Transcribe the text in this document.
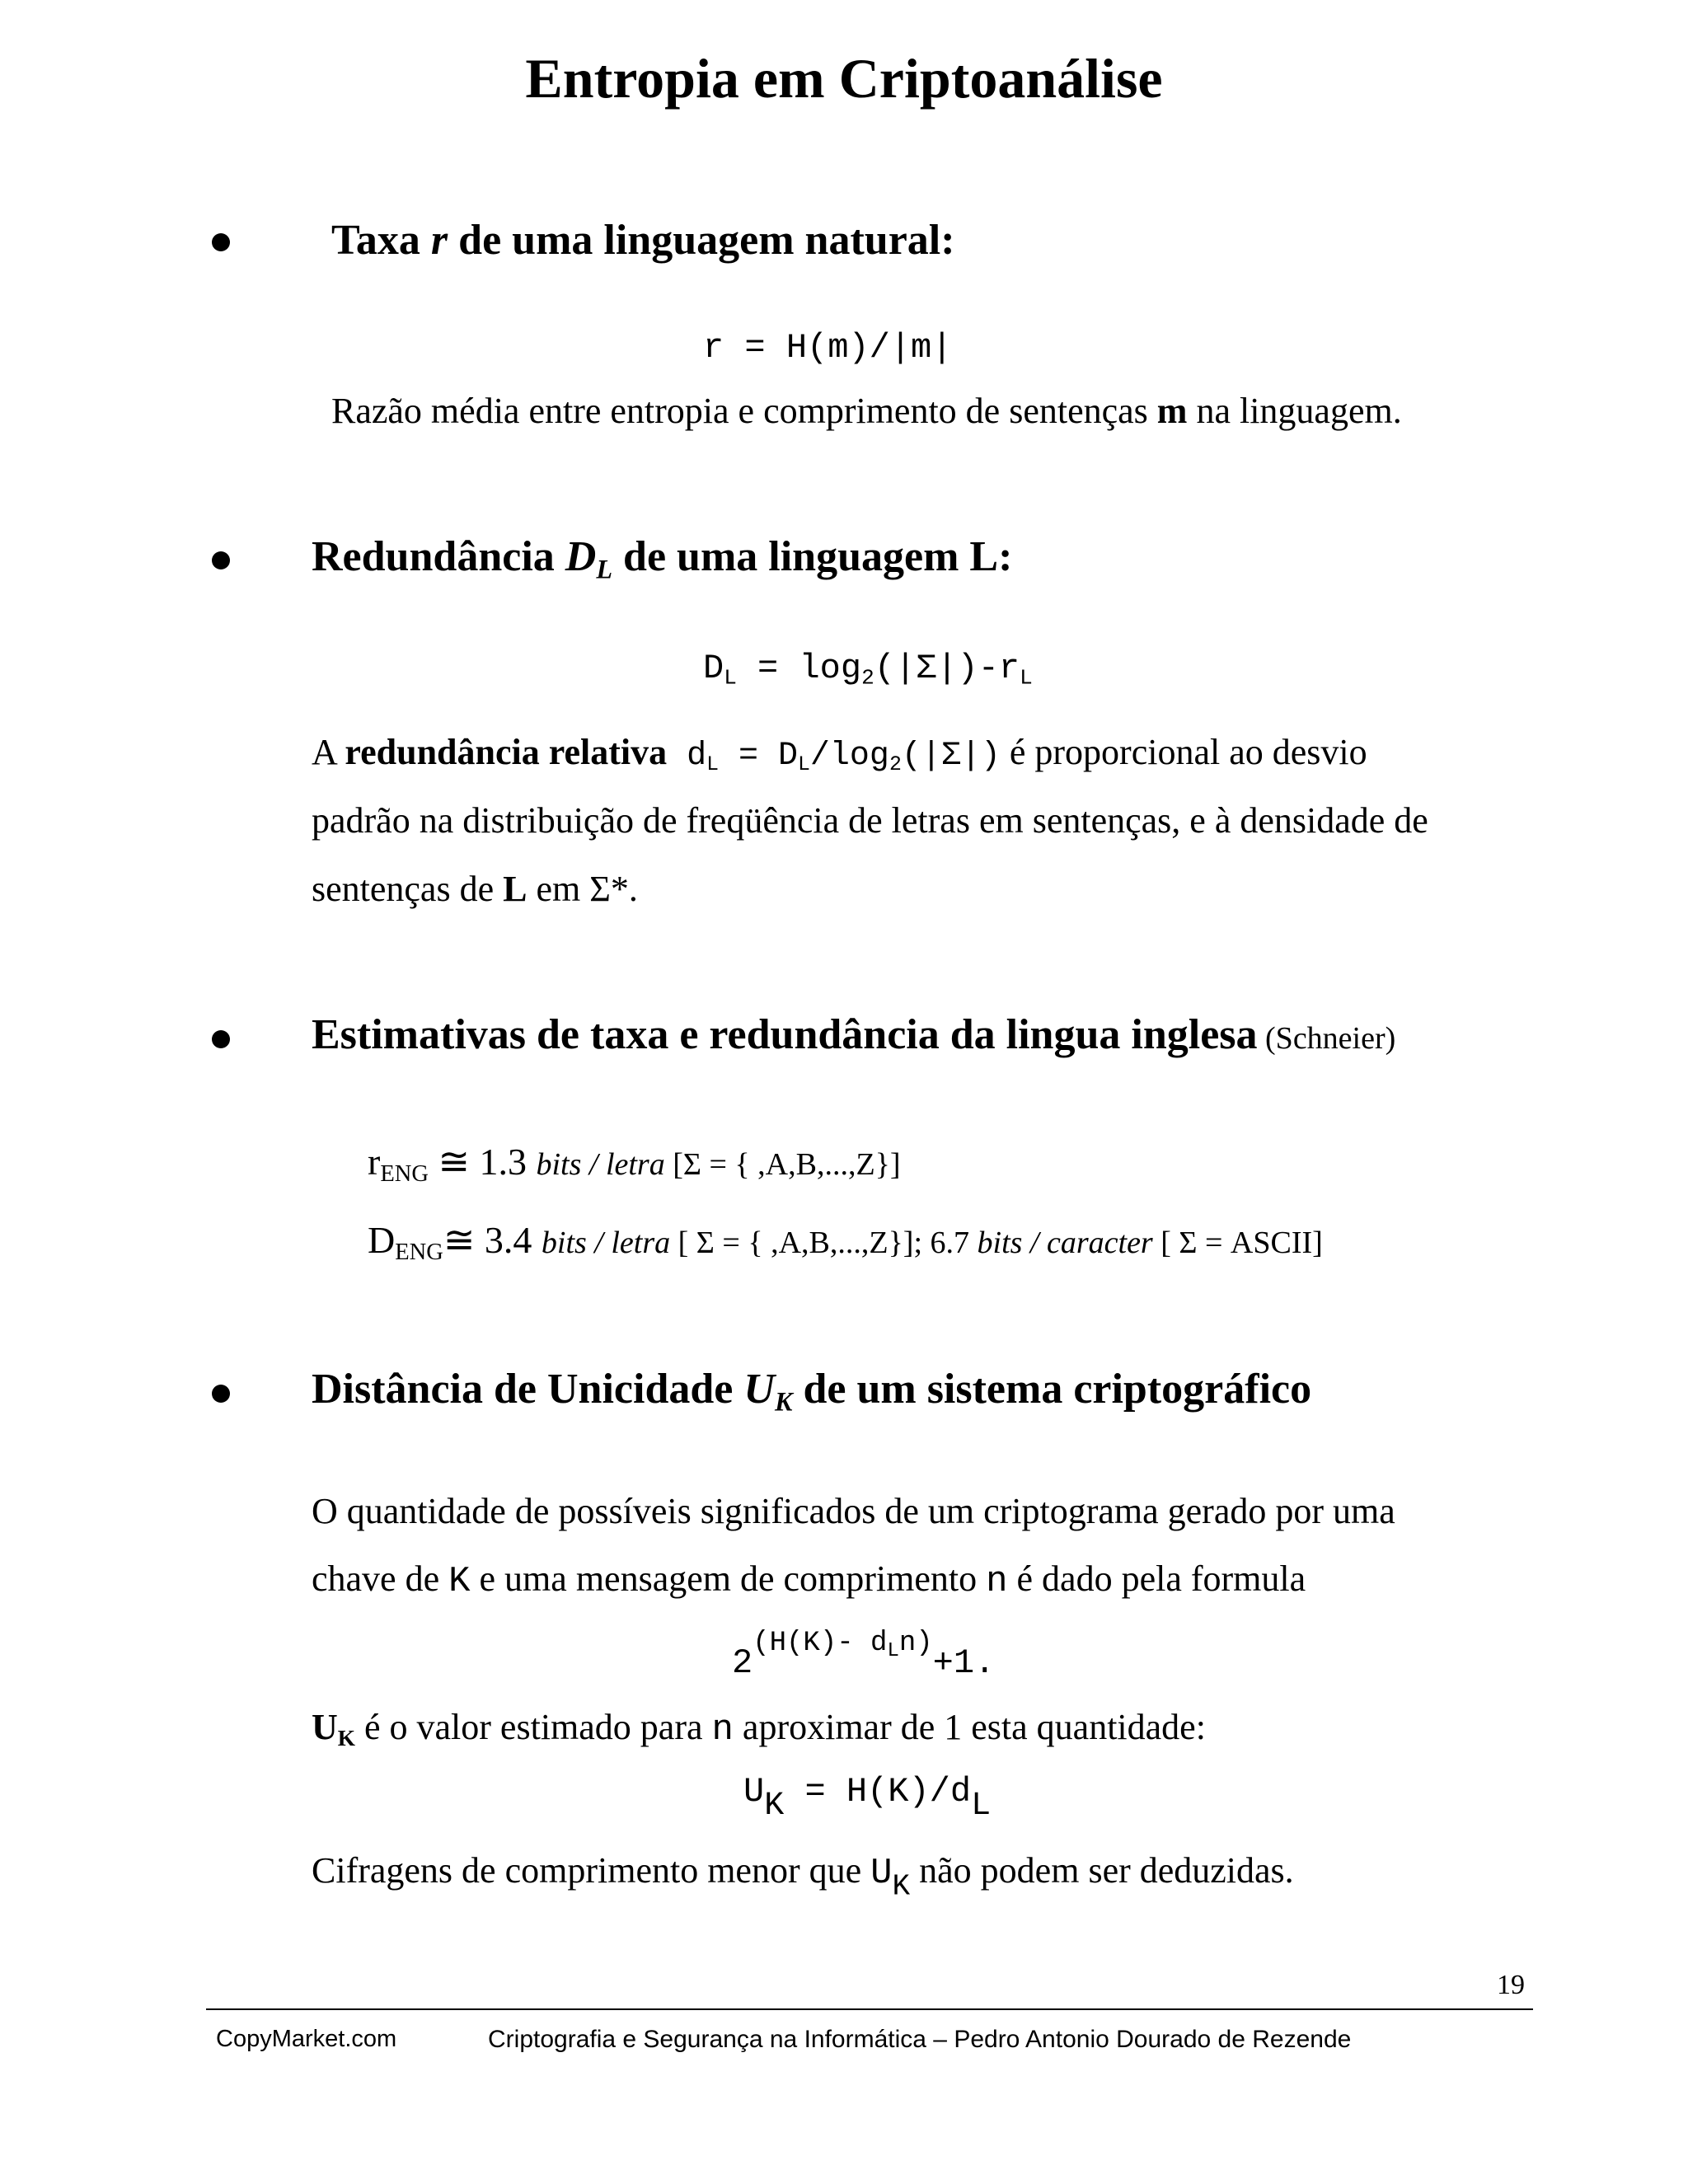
Entropia em Criptoanálise
Taxa r de uma linguagem natural:
r = H(m)/|m|
Razão média entre entropia e comprimento de sentenças m na linguagem.
Redundância DL de uma linguagem L:
$D_L = \log_2(|\Sigma|)-r_L$
A redundância relativa $d_L = D_L/\log_2(|\Sigma|)$ é proporcional ao desvio
padrão na distribuição de freqüência de letras em sentenças, e à densidade de
sentenças de L em Σ*.
Estimativas de taxa e redundância da lingua inglesa (Schneier)
$r_{ENG}$ ≅ 1.3 bits / letra [Σ = { ,A,B,...,Z}]
$D_{ENG}≅$ 3.4 bits / letra [ Σ = { ,A,B,...,Z}]; 6.7 bits / caracter [ Σ = ASCII]
Distância de Unicidade UK de um sistema criptográfico
O quantidade de possíveis significados de um criptograma gerado por uma
chave de K e uma mensagem de comprimento n é dado pela formula
$2^{(H(K)- d_Ln)}+1$.
UK é o valor estimado para n aproximar de 1 esta quantidade:
UK = H(K)/dL
Cifragens de comprimento menor que $U_K$ não podem ser deduzidas.
19
CopyMarket.com	Criptografia e Segurança na Informática – Pedro Antonio Dourado de Rezende
